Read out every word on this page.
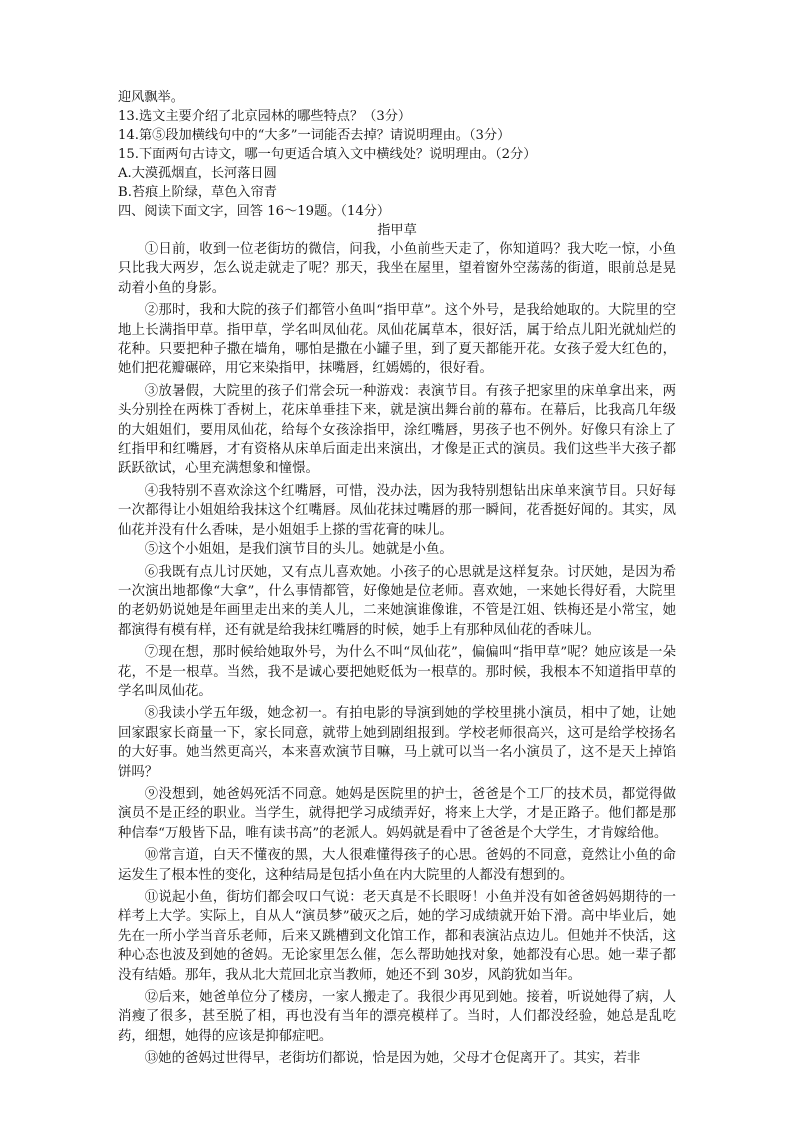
迎风飘举。

13.选文主要介绍了北京园林的哪些特点？（3分）

14.第⑤段加横线句中的“大多”一词能否去掉？请说明理由。（3分）

15.下面两句古诗文，哪一句更适合填入文中横线处？说明理由。（2分）

A.大漠孤烟直，长河落日圆

B.苔痕上阶绿，草色入帘青

四、阅读下面文字，回答 16～19题。（14分）

指甲草

①日前，收到一位老街坊的微信，问我，小鱼前些天走了，你知道吗？我大吃一惊，小鱼只比我大两岁，怎么说走就走了呢？那天，我坐在屋里，望着窗外空荡荡的街道，眼前总是晃动着小鱼的身影。

②那时，我和大院的孩子们都管小鱼叫“指甲草”。这个外号，是我给她取的。大院里的空地上长满指甲草。指甲草，学名叫凤仙花。凤仙花属草本，很好活，属于给点儿阳光就灿烂的花种。只要把种子撒在墙角，哪怕是撒在小罐子里，到了夏天都能开花。女孩子爱大红色的，她们把花瓣碾碎，用它来染指甲，抹嘴唇，红嫣嫣的，很好看。

③放暑假，大院里的孩子们常会玩一种游戏：表演节目。有孩子把家里的床单拿出来，两头分别拴在两株丁香树上，花床单垂挂下来，就是演出舞台前的幕布。在幕后，比我高几年级的大姐姐们，要用凤仙花，给每个女孩涂指甲，涂红嘴唇，男孩子也不例外。好像只有涂上了红指甲和红嘴唇，才有资格从床单后面走出来演出，才像是正式的演员。我们这些半大孩子都跃跃欲试，心里充满想象和憧憬。

④我特别不喜欢涂这个红嘴唇，可惜，没办法，因为我特别想钻出床单来演节目。只好每一次都得让小姐姐给我抹这个红嘴唇。凤仙花抹过嘴唇的那一瞬间，花香挺好闻的。其实，凤仙花并没有什么香味，是小姐姐手上搽的雪花膏的味儿。

⑤这个小姐姐，是我们演节目的头儿。她就是小鱼。

⑥我既有点儿讨厌她，又有点儿喜欢她。小孩子的心思就是这样复杂。讨厌她，是因为希一次演出地都像“大拿”，什么事情都管，好像她是位老师。喜欢她，一来她长得好看，大院里的老奶奶说她是年画里走出来的美人儿，二来她演谁像谁，不管是江姐、铁梅还是小常宝，她都演得有模有样，还有就是给我抹红嘴唇的时候，她手上有那种凤仙花的香味儿。

⑦现在想，那时候给她取外号，为什么不叫“凤仙花”，偏偏叫“指甲草”呢？她应该是一朵花，不是一根草。当然，我不是诚心要把她贬低为一根草的。那时候，我根本不知道指甲草的学名叫凤仙花。

⑧我读小学五年级，她念初一。有拍电影的导演到她的学校里挑小演员，相中了她，让她回家跟家长商量一下，家长同意，就带上她到剧组报到。学校老师很高兴，这可是给学校扬名的大好事。她当然更高兴，本来喜欢演节目嘛，马上就可以当一名小演员了，这不是天上掉馅饼吗？

⑨没想到，她爸妈死活不同意。她妈是医院里的护士，爸爸是个工厂的技术员，都觉得做演员不是正经的职业。当学生，就得把学习成绩弄好，将来上大学，才是正路子。他们都是那种信奉“万般皆下品，唯有读书高”的老派人。妈妈就是看中了爸爸是个大学生，才肯嫁给他。

⑩常言道，白天不懂夜的黑，大人很难懂得孩子的心思。爸妈的不同意，竟然让小鱼的命运发生了根本性的变化，这种结局是包括小鱼在内大院里的人都没有想到的。

⑪说起小鱼，街坊们都会叹口气说：老天真是不长眼呀！小鱼并没有如爸爸妈妈期待的一样考上大学。实际上，自从人“演员梦”破灭之后，她的学习成绩就开始下滑。高中毕业后，她先在一所小学当音乐老师，后来又跳槽到文化馆工作，都和表演沾点边儿。但她并不快活，这种心态也波及到她的爸妈。无论家里怎么催，怎么帮助她找对象，她都没有心思。她一辈子都没有结婚。那年，我从北大荒回北京当教师，她还不到 30岁，风韵犹如当年。

⑫后来，她爸单位分了楼房，一家人搬走了。我很少再见到她。接着，听说她得了病，人消瘦了很多，甚至脱了相，再也没有当年的漂亮模样了。当时，人们都没经验，她总是乱吃药，细想，她得的应该是抑郁症吧。

⑬她的爸妈过世得早，老街坊们都说，恰是因为她，父母才仓促离开了。其实，若非
